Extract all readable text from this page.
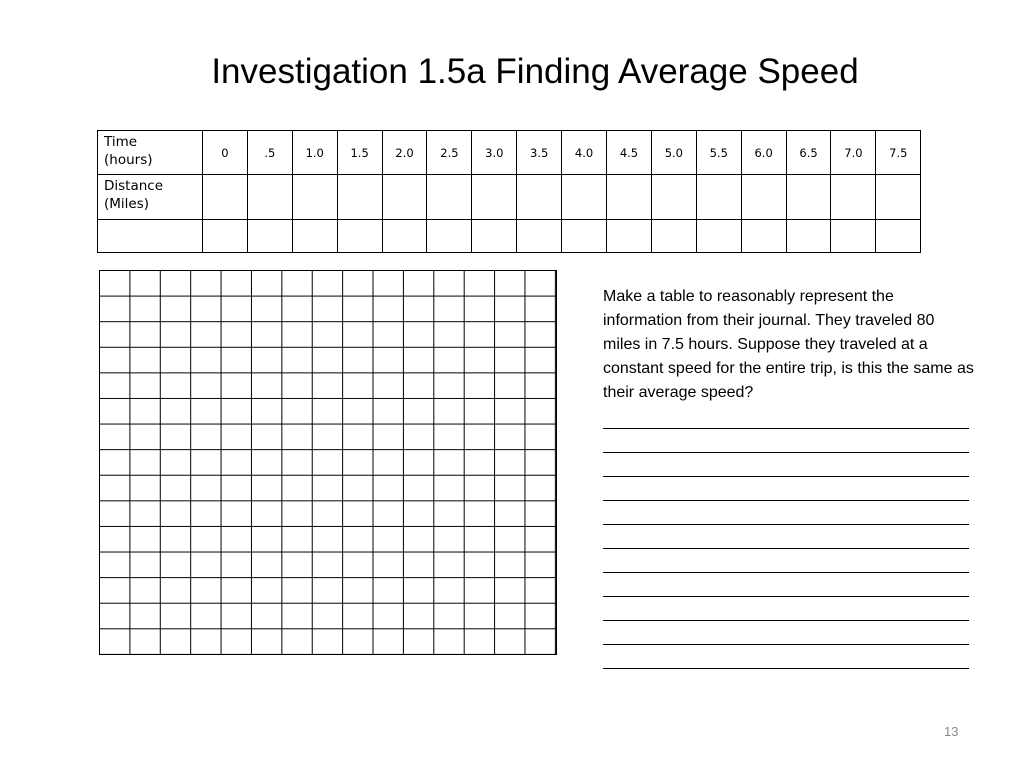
Investigation 1.5a Finding Average Speed
Time
(hours)	0	.5	1.0	1.5	2.0	2.5	3.0	3.5	4.0	4.5	5.0	5.5	6.0	6.5	7.0	7.5
Distance
(Miles)																

Make a table to reasonably represent the information from their journal. They traveled 80 miles in 7.5 hours. Suppose they traveled at a constant speed for the entire trip, is this the same as their average speed?
13
